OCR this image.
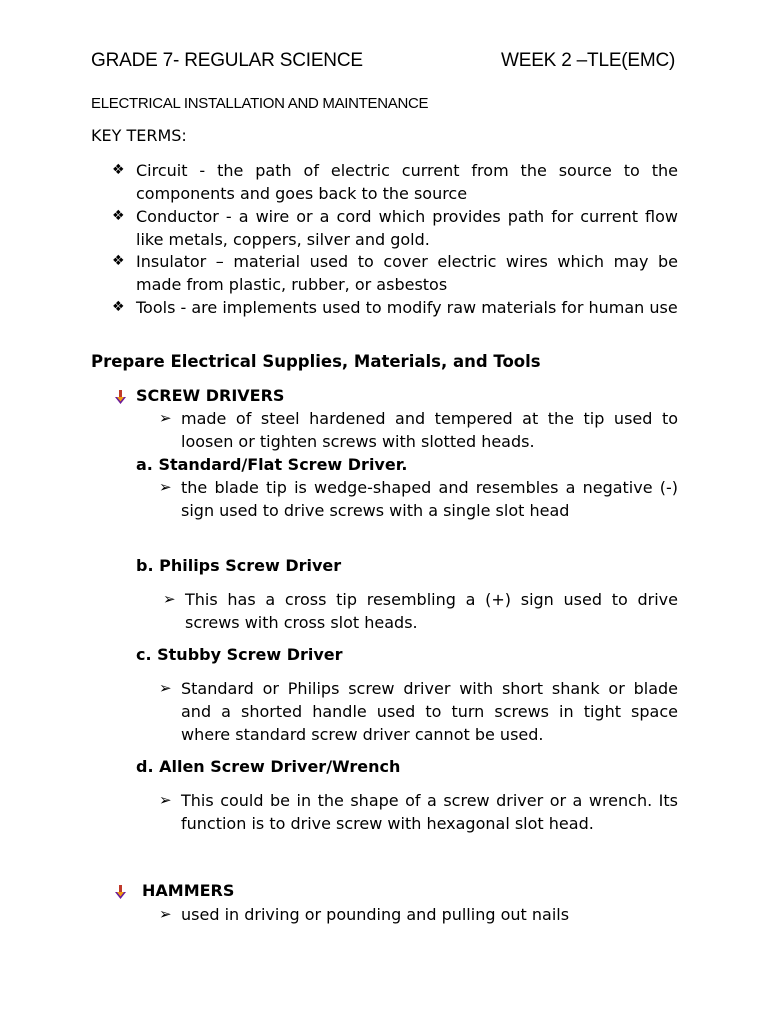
GRADE 7- REGULAR SCIENCE	WEEK 2 –TLE(EMC)
ELECTRICAL INSTALLATION AND MAINTENANCE
KEY TERMS:
❖ Circuit - the path of electric current from the source to the components and goes back to the source
❖ Conductor - a wire or a cord which provides path for current flow like metals, coppers, silver and gold.
❖ Insulator – material used to cover electric wires which may be made from plastic, rubber, or asbestos
❖ Tools - are implements used to modify raw materials for human use
Prepare Electrical Supplies, Materials, and Tools
SCREW DRIVERS
➢ made of steel hardened and tempered at the tip used to loosen or tighten screws with slotted heads.
a. Standard/Flat Screw Driver.
➢ the blade tip is wedge-shaped and resembles a negative (-) sign used to drive screws with a single slot head
b. Philips Screw Driver
➢ This has a cross tip resembling a (+) sign used to drive screws with cross slot heads.
c. Stubby Screw Driver
➢ Standard or Philips screw driver with short shank or blade and a shorted handle used to turn screws in tight space where standard screw driver cannot be used.
d. Allen Screw Driver/Wrench
➢ This could be in the shape of a screw driver or a wrench. Its function is to drive screw with hexagonal slot head.
HAMMERS
➢ used in driving or pounding and pulling out nails
